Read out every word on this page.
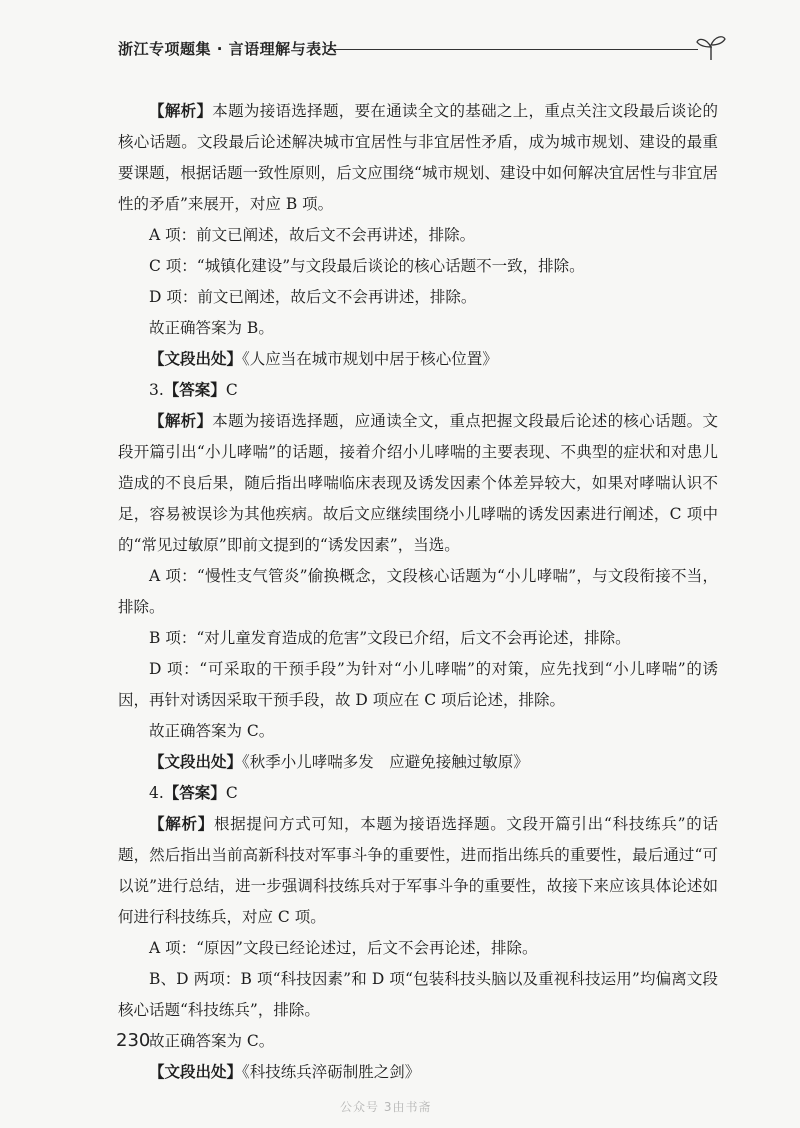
浙江专项题集 · 言语理解与表达

【解析】本题为接语选择题，要在通读全文的基础之上，重点关注文段最后谈论的核心话题。文段最后论述解决城市宜居性与非宜居性矛盾，成为城市规划、建设的最重要课题，根据话题一致性原则，后文应围绕“城市规划、建设中如何解决宜居性与非宜居性的矛盾”来展开，对应 B 项。

A 项：前文已阐述，故后文不会再讲述，排除。

C 项：“城镇化建设”与文段最后谈论的核心话题不一致，排除。

D 项：前文已阐述，故后文不会再讲述，排除。

故正确答案为 B。

【文段出处】《人应当在城市规划中居于核心位置》

3.【答案】C

【解析】本题为接语选择题，应通读全文，重点把握文段最后论述的核心话题。文段开篇引出“小儿哮喘”的话题，接着介绍小儿哮喘的主要表现、不典型的症状和对患儿造成的不良后果，随后指出哮喘临床表现及诱发因素个体差异较大，如果对哮喘认识不足，容易被误诊为其他疾病。故后文应继续围绕小儿哮喘的诱发因素进行阐述，C 项中的“常见过敏原”即前文提到的“诱发因素”，当选。

A 项：“慢性支气管炎”偷换概念，文段核心话题为“小儿哮喘”，与文段衔接不当，排除。

B 项：“对儿童发育造成的危害”文段已介绍，后文不会再论述，排除。

D 项：“可采取的干预手段”为针对“小儿哮喘”的对策，应先找到“小儿哮喘”的诱因，再针对诱因采取干预手段，故 D 项应在 C 项后论述，排除。

故正确答案为 C。

【文段出处】《秋季小儿哮喘多发　应避免接触过敏原》

4.【答案】C

【解析】根据提问方式可知，本题为接语选择题。文段开篇引出“科技练兵”的话题，然后指出当前高新科技对军事斗争的重要性，进而指出练兵的重要性，最后通过“可以说”进行总结，进一步强调科技练兵对于军事斗争的重要性，故接下来应该具体论述如何进行科技练兵，对应 C 项。

A 项：“原因”文段已经论述过，后文不会再论述，排除。

B、D 两项：B 项“科技因素”和 D 项“包装科技头脑以及重视科技运用”均偏离文段核心话题“科技练兵”，排除。

故正确答案为 C。

【文段出处】《科技练兵淬砺制胜之剑》

230
公众号 3由书斋
